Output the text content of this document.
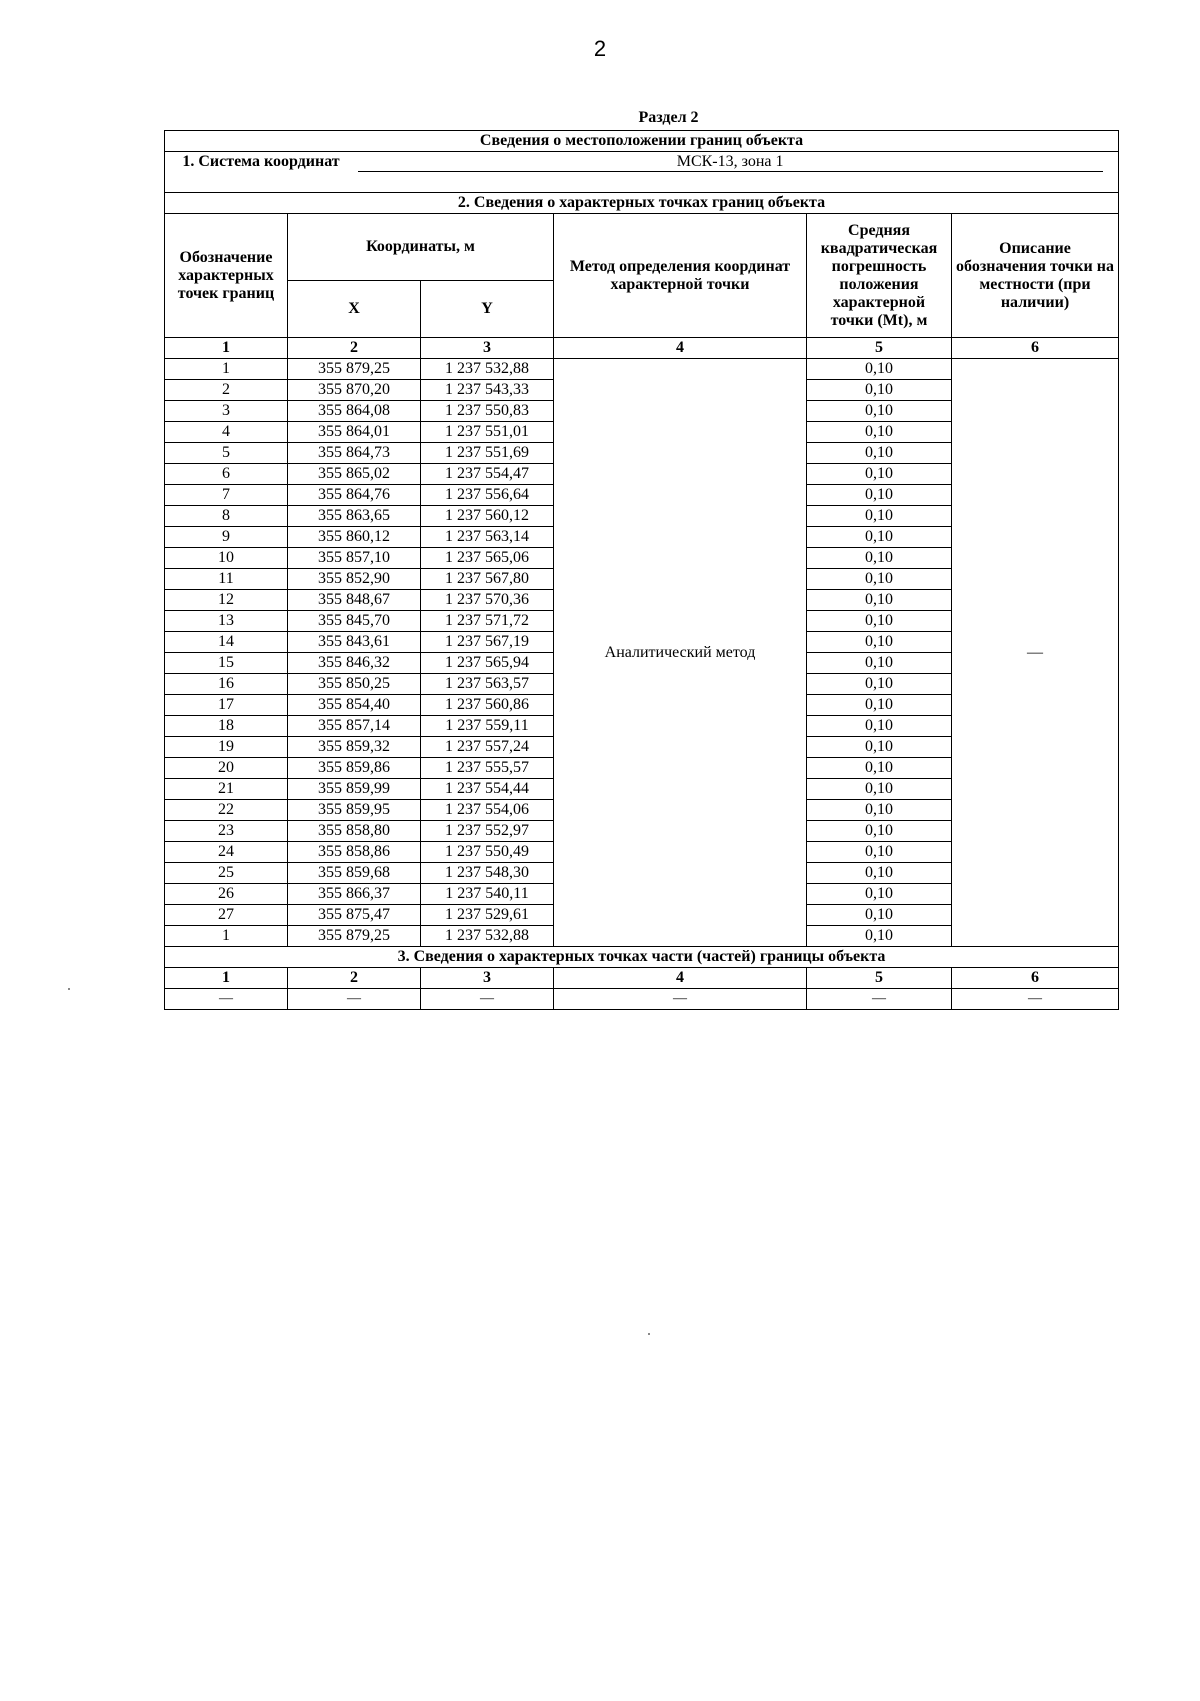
2
Раздел 2
Сведения о местоположении границ объекта					
1. Система координат МСК-13, зона 1					

2. Сведения о характерных точках границ объекта					
Обозначение характерных точек границ	Координаты, м		Метод определения координат характерной точки	Средняя квадратическая погрешность положения характерной точки (Mt), м	Описание обозначения точки на местности (при наличии)
	X	Y			
1	2	3	4	5	6
1	355 879,25	1 237 532,88	Аналитический метод	0,10	—
2	355 870,20	1 237 543,33		0,10	
3	355 864,08	1 237 550,83		0,10	
4	355 864,01	1 237 551,01		0,10	
5	355 864,73	1 237 551,69		0,10	
6	355 865,02	1 237 554,47		0,10	
7	355 864,76	1 237 556,64		0,10	
8	355 863,65	1 237 560,12		0,10	
9	355 860,12	1 237 563,14		0,10	
10	355 857,10	1 237 565,06		0,10	
11	355 852,90	1 237 567,80		0,10	
12	355 848,67	1 237 570,36		0,10	
13	355 845,70	1 237 571,72		0,10	
14	355 843,61	1 237 567,19		0,10	
15	355 846,32	1 237 565,94		0,10	
16	355 850,25	1 237 563,57		0,10	
17	355 854,40	1 237 560,86		0,10	
18	355 857,14	1 237 559,11		0,10	
19	355 859,32	1 237 557,24		0,10	
20	355 859,86	1 237 555,57		0,10	
21	355 859,99	1 237 554,44		0,10	
22	355 859,95	1 237 554,06		0,10	
23	355 858,80	1 237 552,97		0,10	
24	355 858,86	1 237 550,49		0,10	
25	355 859,68	1 237 548,30		0,10	
26	355 866,37	1 237 540,11		0,10	
27	355 875,47	1 237 529,61		0,10	
1	355 879,25	1 237 532,88		0,10	
3. Сведения о характерных точках части (частей) границы объекта					
1	2	3	4	5	6
—	—	—	—	—	—
